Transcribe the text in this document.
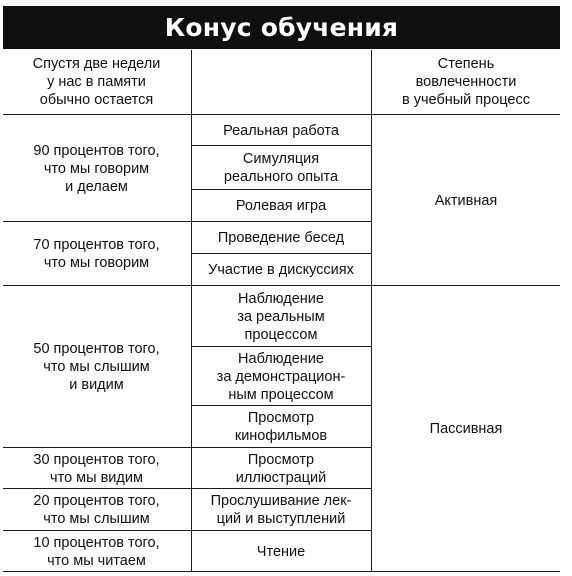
Конус обучения
Спустя две недели
у нас в памяти
обычно остается
Степень
вовлеченности
в учебный процесс
90 процентов того,
что мы говорим
и делаем
70 процентов того,
что мы говорим
50 процентов того,
что мы слышим
и видим
30 процентов того,
что мы видим
20 процентов того,
что мы слышим
10 процентов того,
что мы читаем
Реальная работа
Симуляция
реального опыта
Ролевая игра
Проведение бесед
Участие в дискуссиях
Наблюдение
за реальным
процессом
Наблюдение
за демонстрацион-
ным процессом
Просмотр
кинофильмов
Просмотр
иллюстраций
Прослушивание лек-
ций и выступлений
Чтение
Активная
Пассивная
